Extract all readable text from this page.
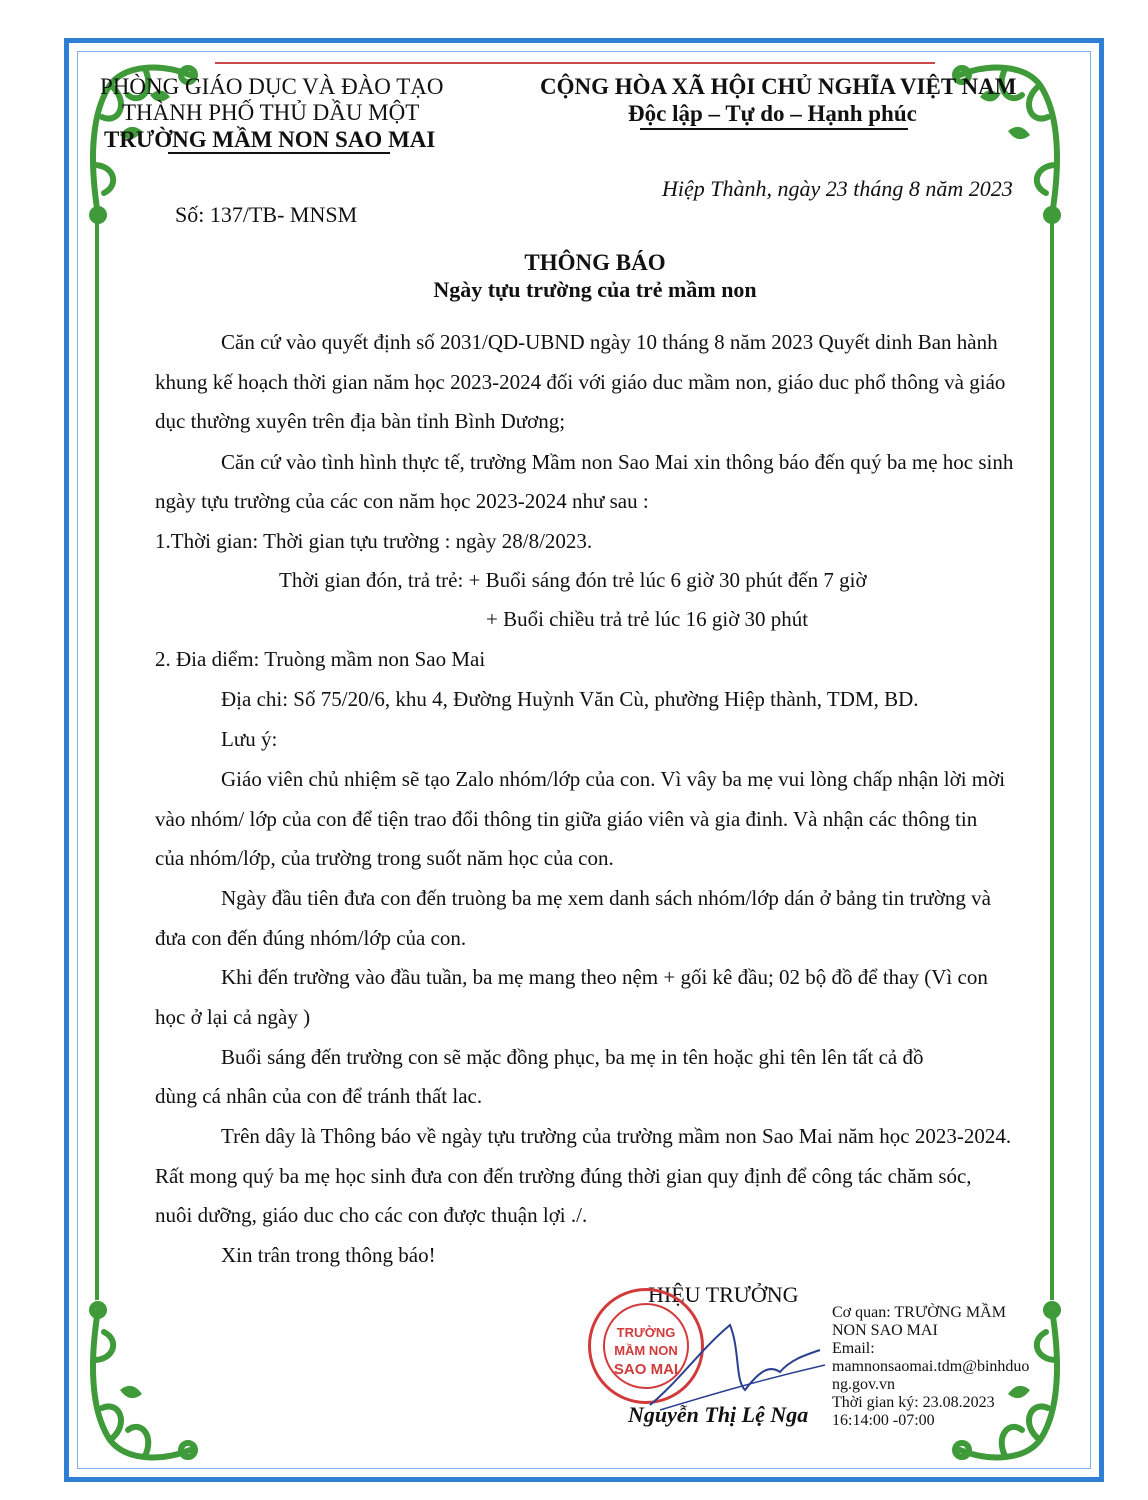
PHÒNG GIÁO DỤC VÀ ĐÀO TẠO
THÀNH PHỐ THỦ DẦU MỘT
TRƯỜNG MẦM NON SAO MAI
CỘNG HÒA XÃ HỘI CHỦ NGHĨA VIỆT NAM
Độc lập – Tự do – Hạnh phúc
Hiệp Thành, ngày 23 tháng 8 năm 2023
Số: 137/TB- MNSM
THÔNG BÁO
Ngày tựu trường của trẻ mầm non
Căn cứ vào quyết định số 2031/QD-UBND ngày 10 tháng 8 năm 2023 Quyết dinh Ban hành
khung kế hoạch thời gian năm học 2023-2024 đối với giáo duc mầm non, giáo duc phổ thông và giáo
dục thường xuyên trên địa bàn tỉnh Bình Dương;
Căn cứ vào tình hình thực tế, trường Mầm non Sao Mai xin thông báo đến quý ba mẹ hoc sinh
ngày tựu trường của các con năm học 2023-2024 như sau :
1.Thời gian: Thời gian tựu trường : ngày 28/8/2023.
Thời gian đón, trả trẻ: + Buổi sáng đón trẻ lúc 6 giờ 30 phút đến 7 giờ
+ Buổi chiều trả trẻ lúc 16 giờ 30 phút
2. Đia diểm: Truòng mầm non Sao Mai
Địa chi: Số 75/20/6, khu 4, Đường Huỳnh Văn Cù, phường Hiệp thành, TDM, BD.
Lưu ý:
Giáo viên chủ nhiệm sẽ tạo Zalo nhóm/lớp của con. Vì vây ba mẹ vui lòng chấp nhận lời mời
vào nhóm/ lớp của con để tiện trao đổi thông tin giữa giáo viên và gia đinh. Và nhận các thông tin
của nhóm/lớp, của trường trong suốt năm học của con.
Ngày đầu tiên đưa con đến truòng ba mẹ xem danh sách nhóm/lớp dán ở bảng tin trường và
đưa con đến đúng nhóm/lớp của con.
Khi đến trường vào đầu tuần, ba mẹ mang theo nệm + gối kê đầu; 02 bộ đồ để thay (Vì con
học ở lại cả ngày )
Buổi sáng đến trường con sẽ mặc đồng phục, ba mẹ in tên hoặc ghi tên lên tất cả đồ
dùng cá nhân của con để tránh thất lac.
Trên dây là Thông báo về ngày tựu trường của trường mầm non Sao Mai năm học 2023-2024.
Rất mong quý ba mẹ học sinh đưa con đến trường đúng thời gian quy định để công tác chăm sóc,
nuôi dưỡng, giáo duc cho các con được thuận lợi ./.
Xin trân trong thông báo!
HIỆU TRƯỞNG
TRƯỜNG
MẦM NON
SAO MAI
Nguyễn Thị Lệ Nga
Cơ quan: TRƯỜNG MẦM
NON SAO MAI
Email:
mamnonsaomai.tdm@binhduo
ng.gov.vn
Thời gian ký: 23.08.2023
16:14:00 -07:00
